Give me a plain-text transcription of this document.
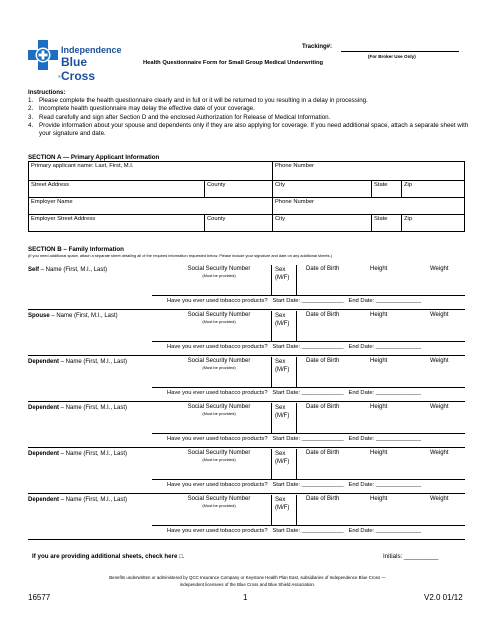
Independence
Blue Cross
®
Tracking#:
(For Broker Use Only)
Health Questionnaire Form for Small Group Medical Underwriting
Instructions:
1. Please complete the health questionnaire clearly and in full or it will be returned to you resulting in a delay in processing.
2. Incomplete health questionnaire may delay the effective date of your coverage.
3. Read carefully and sign after Section D and the enclosed Authorization for Release of Medical Information.
4. Provide information about your spouse and dependents only if they are also applying for coverage. If you need additional space, attach a separate sheet with your signature and date.
SECTION A — Primary Applicant Information
Primary applicant name: Last, First, M.I.	Phone Number
Street Address	County	City	State	Zip
Employer Name	Phone Number
Employer Street Address	County	City	State	Zip
SECTION B – Family Information
(If you need additional space, attach a separate sheet detailing all of the required information requested below. Please include your signature and date on any additional sheets.)
Self – Name (First, M.I., Last)	Social Security Number
(Must be provided)
Sex
(M/F)
Date of Birth	Height	Weight
Have you ever used tobacco products? Start Date: _____________ End Date: ______________
Spouse – Name (First, M.I., Last)	Social Security Number
(Must be provided)
Sex
(M/F)
Date of Birth	Height	Weight
Have you ever used tobacco products? Start Date: _____________ End Date: ______________
Dependent – Name (First, M.I., Last)	Social Security Number
(Must be provided)
Sex
(M/F)
Date of Birth	Height	Weight
Have you ever used tobacco products? Start Date: _____________ End Date: ______________
Dependent – Name (First, M.I., Last)	Social Security Number
(Must be provided)
Sex
(M/F)
Date of Birth	Height	Weight
Have you ever used tobacco products? Start Date: _____________ End Date: ______________
Dependent – Name (First, M.I., Last)	Social Security Number
(Must be provided)
Sex
(M/F)
Date of Birth	Height	Weight
Have you ever used tobacco products? Start Date: _____________ End Date: ______________
Dependent – Name (First, M.I., Last)	Social Security Number
(Must be provided)
Sex
(M/F)
Date of Birth	Height	Weight
Have you ever used tobacco products? Start Date: _____________ End Date: ______________
If you are providing additional sheets, check here □.	Initials: __________
Benefits underwritten or administered by QCC Insurance Company or Keystone Health Plan East, subsidiaries of Independence Blue Cross —
independent licensees of the Blue Cross and Blue Shield Association.
16577	1	V2.0 01/12
